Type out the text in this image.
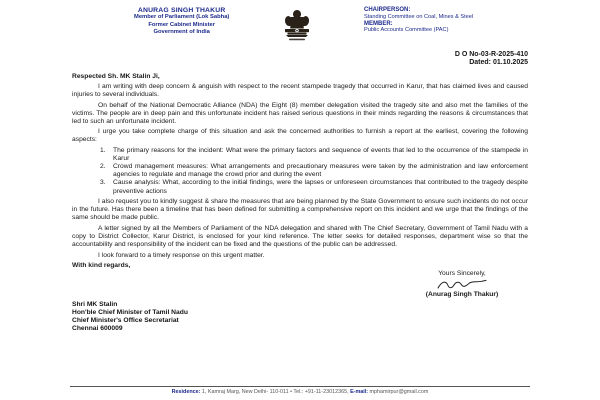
ANURAG SINGH THAKUR
Member of Parliament (Lok Sabha)
Former Cabinet Minister
Government of India
CHAIRPERSON:
Standing Committee on Coal, Mines & Steel
MEMBER:
Public Accounts Committee (PAC)
D O No-03-R-2025-410
Dated: 01.10.2025
Respected Sh. MK Stalin Ji,

I am writing with deep concern & anguish with respect to the recent stampede tragedy that occurred in Karur, that has claimed lives and caused injuries to several individuals.

On behalf of the National Democratic Alliance (NDA) the Eight (8) member delegation visited the tragedy site and also met the families of the victims. The people are in deep pain and this unfortunate incident has raised serious questions in their minds regarding the reasons & circumstances that led to such an unfortunate incident.

I urge you take complete charge of this situation and ask the concerned authorities to furnish a report at the earliest, covering the following aspects:

1.	The primary reasons for the incident: What were the primary factors and sequence of events that led to the occurrence of the stampede in Karur
2.	Crowd management measures: What arrangements and precautionary measures were taken by the administration and law enforcement agencies to regulate and manage the crowd prior and during the event
3.	Cause analysis: What, according to the initial findings, were the lapses or unforeseen circumstances that contributed to the tragedy despite preventive actions

I also request you to kindly suggest & share the measures that are being planned by the State Government to ensure such incidents do not occur in the future. Has there been a timeline that has been defined for submitting a comprehensive report on this incident and we urge that the findings of the same should be made public.

A letter signed by all the Members of Parliament of the NDA delegation and shared with The Chief Secretary, Government of Tamil Nadu with a copy to District Collector, Karur District, is enclosed for your kind reference. The letter seeks for detailed responses, department wise so that the accountability and responsibility of the incident can be fixed and the questions of the public can be addressed.

I look forward to a timely response on this urgent matter.

With kind regards,
Yours Sincerely,
(Anurag Singh Thakur)
Shri MK Stalin
Hon'ble Chief Minister of Tamil Nadu
Chief Minister's Office Secretariat
Chennai 600009
Residence: 1, Kamraj Marg, New Delhi- 110-011 • Tel.: +91-11-23012365, E-mail: mphamirpur@gmail.com
